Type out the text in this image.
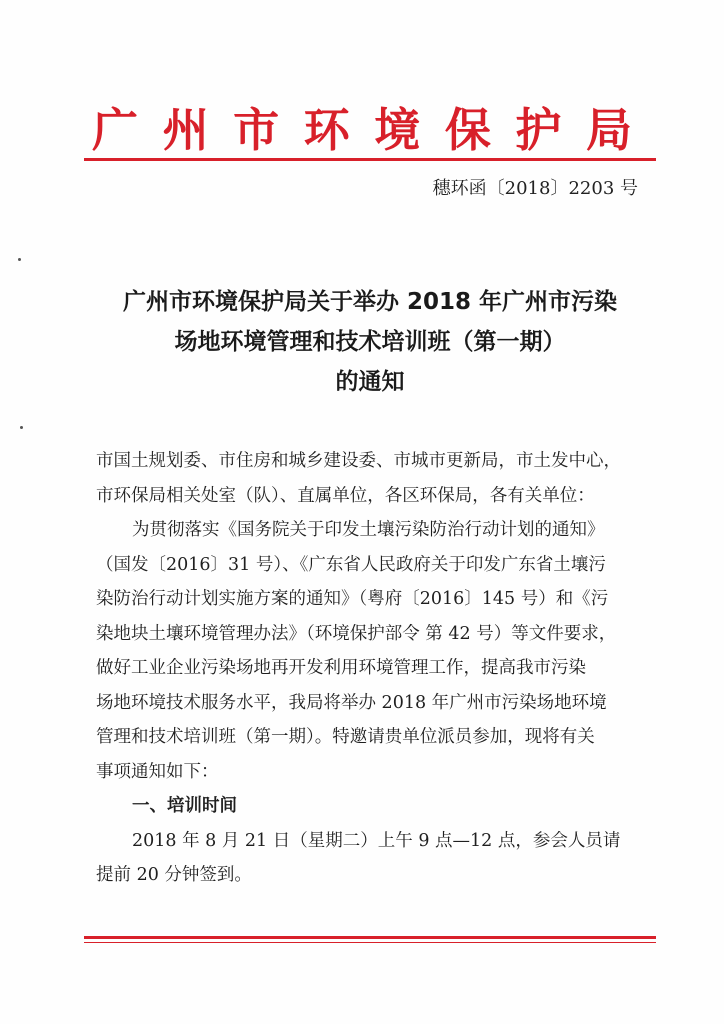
广 州 市 环 境 保 护 局
穗环函〔2018〕2203 号
广州市环境保护局关于举办 2018 年广州市污染
场地环境管理和技术培训班（第一期）
的通知
市国土规划委、市住房和城乡建设委、市城市更新局，市土发中心，
市环保局相关处室（队）、直属单位，各区环保局，各有关单位：
为贯彻落实《国务院关于印发土壤污染防治行动计划的通知》
（国发〔2016〕31 号）、《广东省人民政府关于印发广东省土壤污
染防治行动计划实施方案的通知》（粤府〔2016〕145 号）和《污
染地块土壤环境管理办法》（环境保护部令 第 42 号）等文件要求，
做好工业企业污染场地再开发利用环境管理工作，提高我市污染
场地环境技术服务水平，我局将举办 2018 年广州市污染场地环境
管理和技术培训班（第一期）。特邀请贵单位派员参加，现将有关
事项通知如下：
一、培训时间
2018 年 8 月 21 日（星期二）上午 9 点—12 点，参会人员请
提前 20 分钟签到。
